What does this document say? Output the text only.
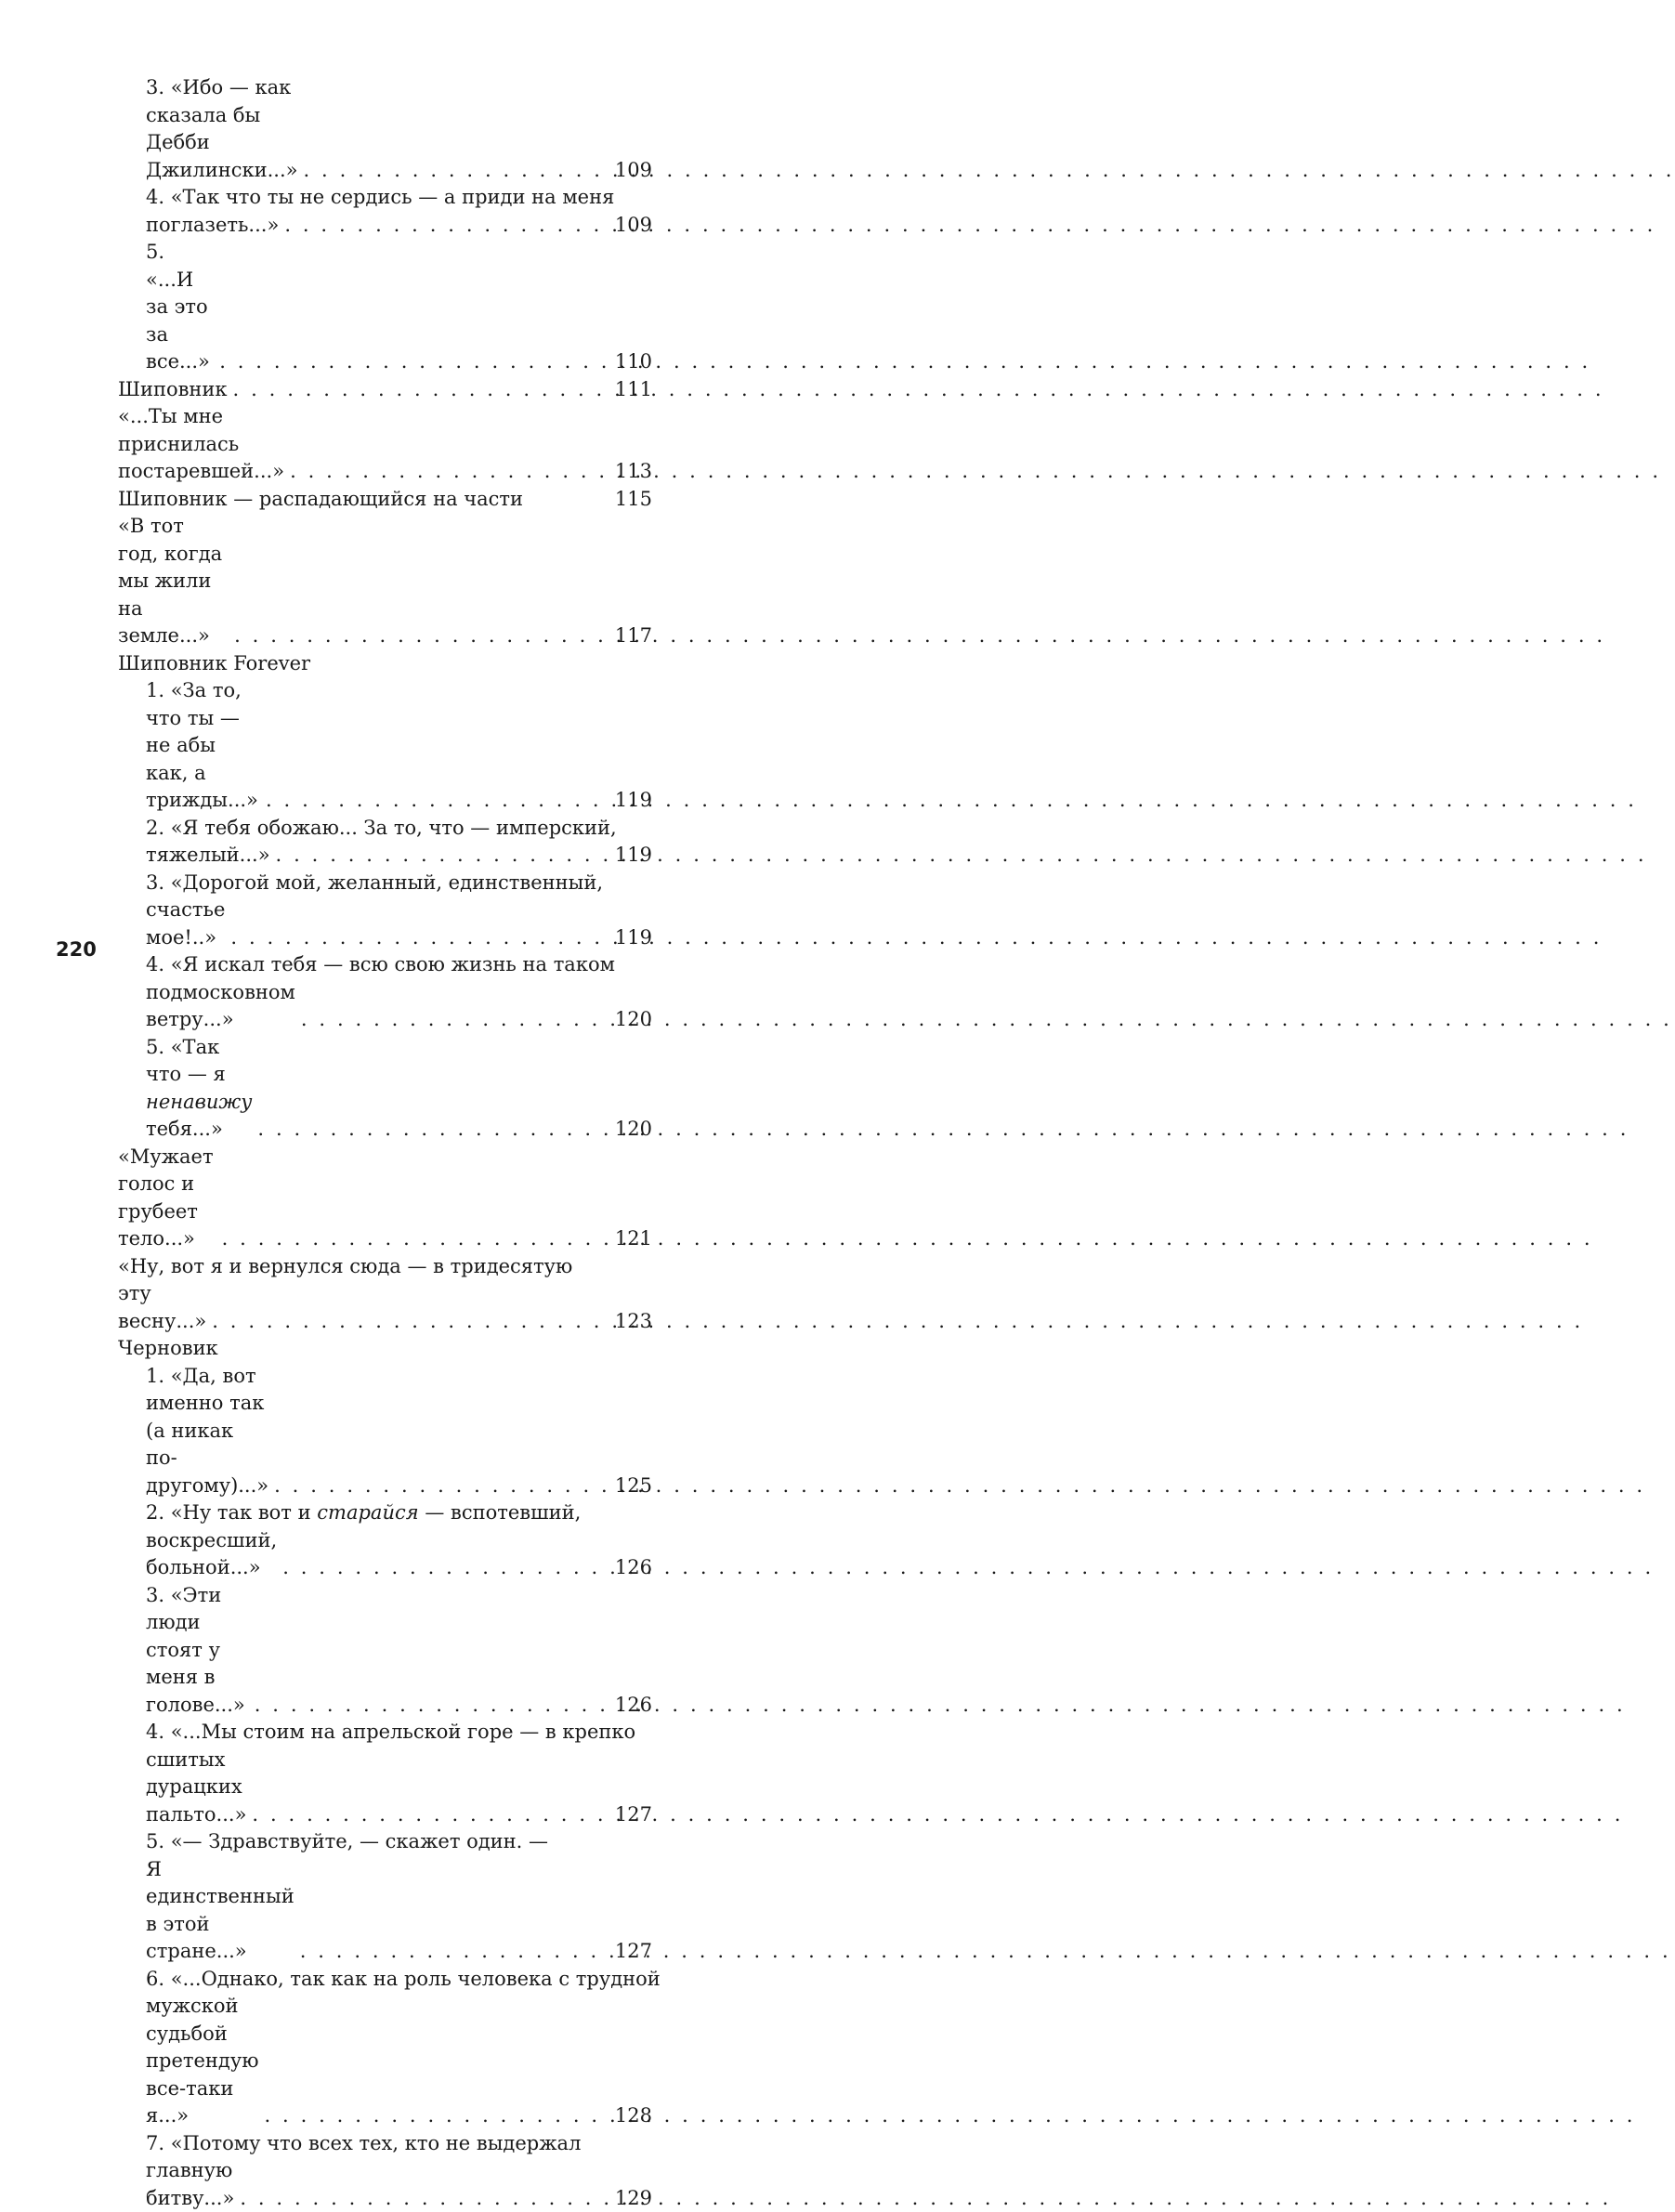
3. «Ибо — как сказала бы Дебби Джилински...» . . .	109
4. «Так что ты не сердись — а приди на меня
поглазеть...» . . .	109
5. «...И за это за все...» . . .	110
Шиповник . . .	111
«...Ты мне приснилась постаревшей...» . . .	113
Шиповник — распадающийся на части	115
«В тот год, когда мы жили на земле...» . . .	117
Шиповник Forever
1. «За то, что ты — не абы как, а трижды...» . . .	119
2. «Я тебя обожаю... За то, что — имперский,
тяжелый...» . . .	119
3. «Дорогой мой, желанный, единственный,
счастье мое!..» . . .	119
4. «Я искал тебя — всю свою жизнь на таком
подмосковном ветру...» . . .	120
5. «Так что — я ненавижу тебя...» . . .	120
«Мужает голос и грубеет тело...» . . .	121
«Ну, вот я и вернулся сюда — в тридесятую
эту весну...» . . .	123
Черновик
1. «Да, вот именно так (а никак по-другому)...» . . .	125
2. «Ну так вот и старайся — вспотевший,
воскресший, больной...» . . .	126
3. «Эти люди стоят у меня в голове...» . . .	126
4. «...Мы стоим на апрельской горе — в крепко
сшитых дурацких пальто...» . . .	127
5. «— Здравствуйте, — скажет один. —
Я единственный в этой стране...» . . .	127
6. «...Однако, так как на роль человека с трудной
мужской судьбой претендую все-таки я...» . . .	128
7. «Потому что всех тех, кто не выдержал
главную битву...» . . .	129
220
